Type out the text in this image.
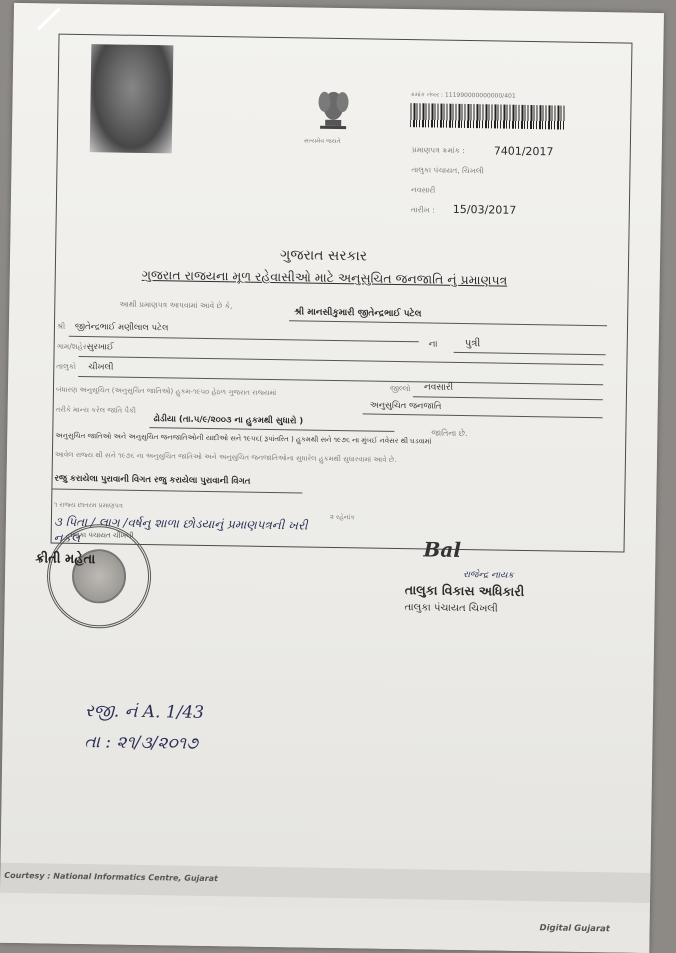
સત્યમેવ જયતે
ક્રમાંક નંબર : 111990000000000/401
પ્રમાણપત્ર ક્રમાંક :	7401/2017
તાલુકા પંચાયત, ચિખલી
નવસારી
તારીખ : 15/03/2017
ગુજરાત સરકાર
ગુજરાત રાજયના મૂળ રહેવાસીઓ માટે અનુસુચિત જનજાતિ નું પ્રમાણપત્ર
આથી પ્રમાણપત્ર આપવામાં આવે છે કે,
શ્રી માનસીકુમારી જીતેન્દ્રભાઈ પટેલ
શ્રી જીતેન્દ્રભાઈ મણીલાલ પટેલ
ના	પુત્રી
ગામ/શહેર સુરખાઈ
તાલુકો ચીખલી
જીલ્લો નવસારી
બંધારણ અનુસૂચિત (અનુસુચિત જાતિઓ) હુકમ-૧૯૫૦ હેઠળ ગુજરાત રાજ્યમાં
અનુસુચિત જનજાતિ
તરીકે માન્ય કરેલ જાતિ પૈકી
ઢોડીયા (તા.૫/૯/૨૦૦૩ ના હુકમથી સુધારો )
જાતિના છે.
અનુસુચિત જાતિઓ અને અનુસુચિત જનજાતિઓની યાદીઓ સને ૧૯૫૬( રૂપાંતરિત ) હુકમથી સને ૧૯૭૬ ના મુંબઈ નવેસર થી ઘડવામાં
આવેલ રાજ્ય થી સને ૧૯૭૬ ના અનુસુચિત જાતિઓ અને અનુસુચિત જનજાતિઓના સુધારેલ હુકમથી સુધારવામાં આવે છે.
રજુ કરાયેલા પુરાવાની વિગત રજુ કરાયેલા પુરાવાની વિગત
૧ રાજ્ય છાતરમ પ્રમાણપત્ર
૨ રહેનાંક
૩ પિતા / લાગ /વર્ષનુ શાળા છોડયાનું પ્રમાણપત્રની ખરી નકલ
તાલુકા પંચાયત ચીખલી
ક્રીતી મહેતા	Bal
રાજેન્દ્ર નાયક
તાલુકા વિકાસ અધિકારી
તાલુકા પંચાયત ચિખલી
રજી. નં A. 1/43
તા : ૨૧/૩/૨૦૧૭
Courtesy : National Informatics Centre, Gujarat
Digital Gujarat
